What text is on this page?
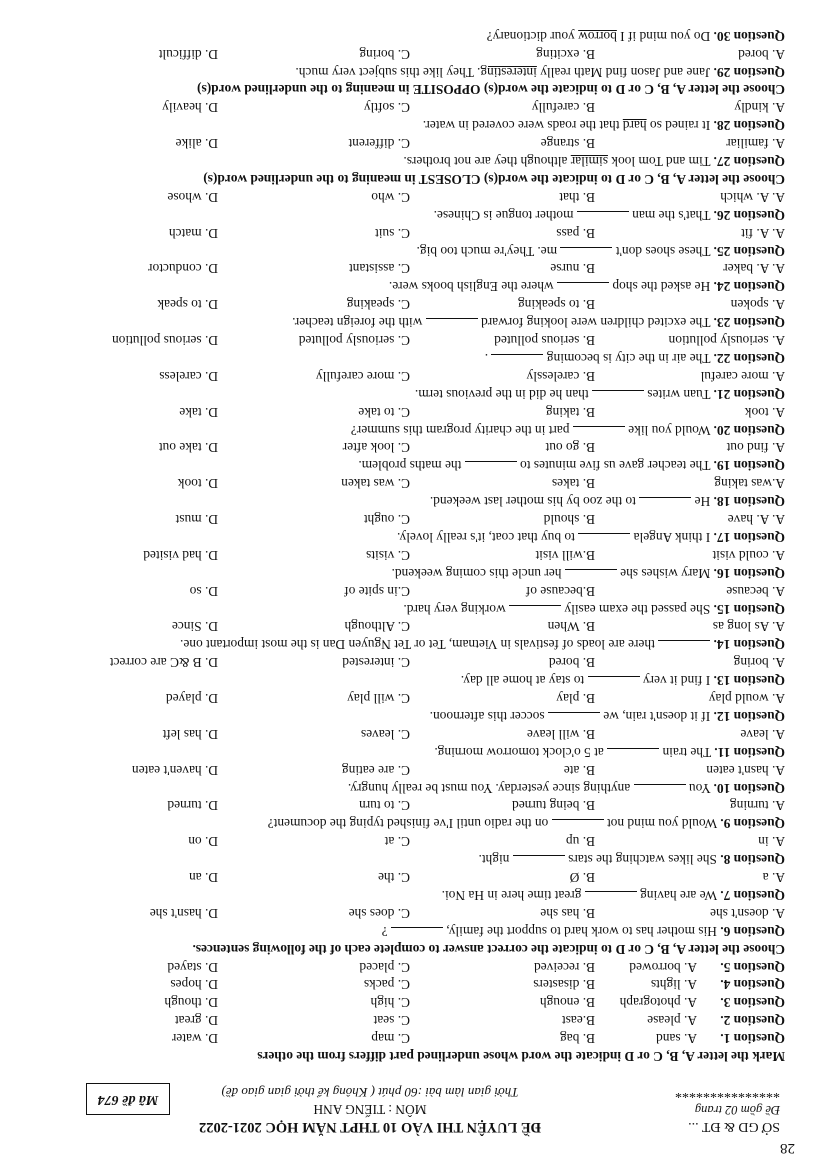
28
SỞ GD & ĐT ...
Đề gồm 02 trang
***************
ĐỀ LUYỆN THI VÀO 10 THPT NĂM HỌC 2021-2022
MÔN : TIẾNG ANH
Thời gian làm bài :60 phút ( Không kể thời gian giao đề)
Mã đề 674
Mark the letter A, B, C or D indicate the word whose underlined part differs from the others
Question 1.
A. sand
B. bag
C. map
D. water
Question 2.
A. please
B.east
C. seat
D. great
Question 3.
A. photograph
B. enough
C. high
D. though
Question 4.
A. lights
B. disasters
C. packs
D. hopes
Question 5.
A. borrowed
B. received
C. placed
D. stayed
Choose the letter A, B, C or D to indicate the correct answer to complete each of the following sentences.
Question 6. His mother has to work hard to support the family,  ?
A. doesn't she
B. has she
C. does she
D. hasn't she
Question 7. We are having  great time here in Ha Noi.
A. a
B. Ø
C. the
D. an
Question 8. She likes watching the stars  night.
A. in
B. up
C. at
D. on
Question 9. Would you mind not  on the radio until I've finished typing the document?
A. turning
B. being turned
C. to turn
D. turned
Question 10. You  anything since yesterday. You must be really hungry.
A. hasn't eaten
B. ate
C. are eating
D. haven't eaten
Question 11. The train  at 5 o'clock tomorrow morning.
A. leave
B. will leave
C. leaves
D. has left
Question 12. If it doesn't rain, we  soccer this afternoon.
A. would play
B. play
C. will play
D. played
Question 13. I find it very  to stay at home all day.
A. boring
B. bored
C. interested
D. B &C are correct
Question 14.  there are loads of festivals in Vietnam, Tet or Tet Nguyen Dan is the most important one.
A. As long as
B. When
C. Although
D. Since
Question 15. She passed the exam easily  working very hard.
A. because
B.because of
C.in spite of
D. so
Question 16. Mary wishes she  her uncle this coming weekend.
A. could visit
B.will visit
C. visits
D. had visited
Question 17. I think Angela  to buy that coat, it's really lovely.
A. A. have
B. should
C. ought
D. must
Question 18. He  to the zoo by his mother last weekend.
A.was taking
B. takes
C. was taken
D. took
Question 19. The teacher gave us five minutes to  the maths problem.
A. find out
B. go out
C. look after
D. take out
Question 20. Would you like  part in the charity program this summer?
A. took
B. taking
C. to take
D. take
Question 21. Tuan writes  than he did in the previous term.
A. more careful
B. carelessly
C. more carefully
D. careless
Question 22. The air in the city is becoming  .
A. seriously pollution
B. serious polluted
C. seriously polluted
D. serious pollution
Question 23. The excited children were looking forward  with the foreign teacher.
A. spoken
B. to speaking
C. speaking
D. to speak
Question 24. He asked the shop  where the English books were.
A. A. baker
B. nurse
C. assistant
D. conductor
Question 25. These shoes don't  me. They're much too big.
A. A. fit
B. pass
C. suit
D. match
Question 26. That's the man  mother tongue is Chinese.
A. A. which
B. that
C. who
D. whose
Choose the letter A, B, C or D to indicate the word(s) CLOSEST in meaning to the underlined word(s)
Question 27. Tim and Tom look similar although they are not brothers.
A. familiar
B. strange
C. different
D. alike
Question 28. It rained so hard that the roads were covered in water.
A. kindly
B. carefully
C. softly
D. heavily
Choose the letter A, B, C or D to indicate the word(s) OPPOSITE in meaning to the underlined word(s)
Question 29. Jane and Jason find Math really interesting. They like this subject very much.
A. bored
B. exciting
C. boring
D. difficult
Question 30. Do you mind if I borrow your dictionary?
